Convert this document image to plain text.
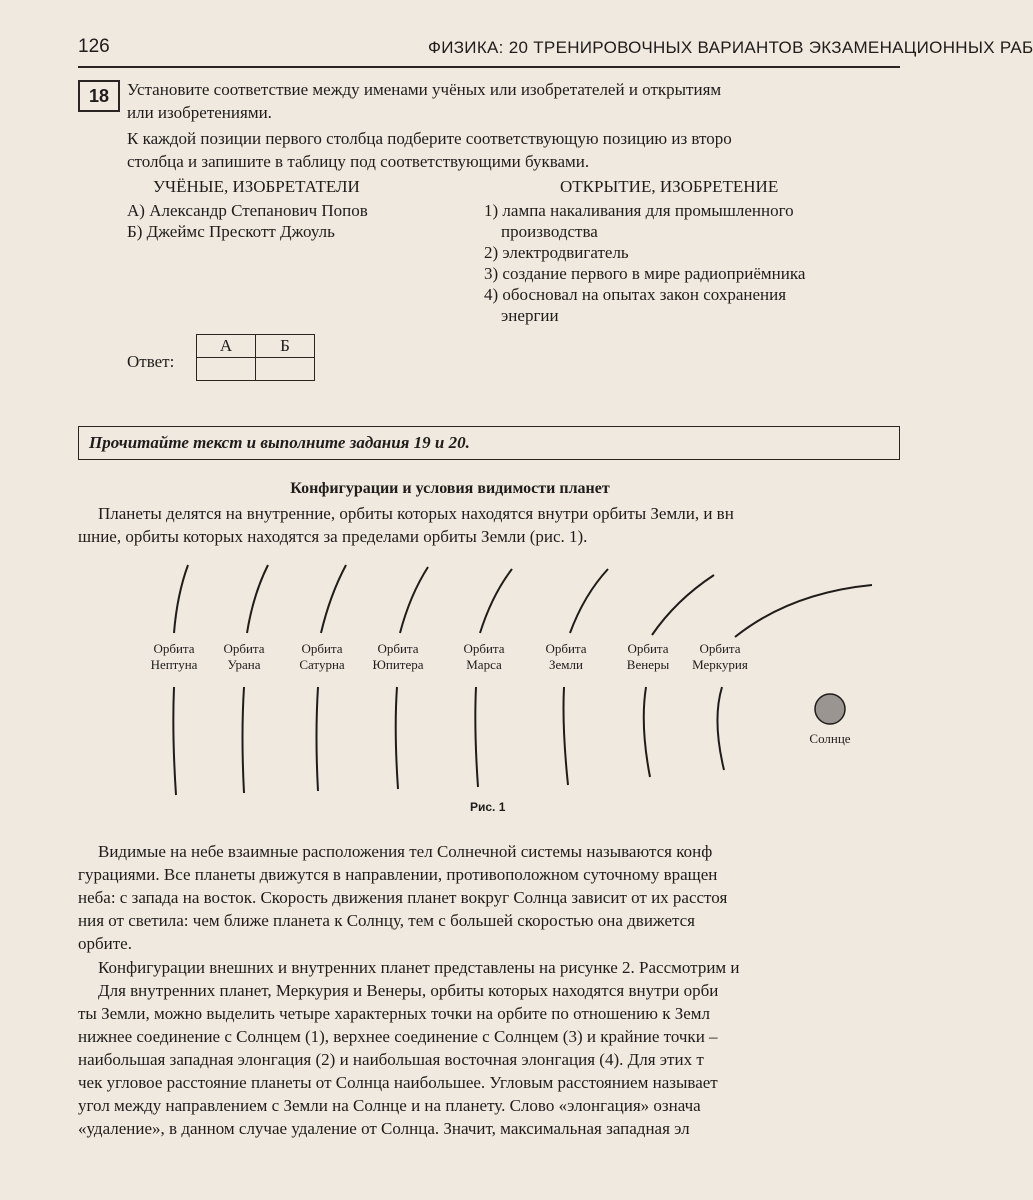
126	ФИЗИКА: 20 ТРЕНИРОВОЧНЫХ ВАРИАНТОВ ЭКЗАМЕНАЦИОННЫХ РАБ
18	Установите соответствие между именами учёных или изобретателей и открытиям
или изобретениями.
К каждой позиции первого столбца подберите соответствующую позицию из второ
столбца и запишите в таблицу под соответствующими буквами.
УЧЁНЫЕ, ИЗОБРЕТАТЕЛИ	ОТКРЫТИЕ, ИЗОБРЕТЕНИЕ
А) Александр Степанович Попов
Б) Джеймс Прескотт Джоуль
1) лампа накаливания для промышленного
производства
2) электродвигатель
3) создание первого в мире радиоприёмника
4) обосновал на опытах закон сохранения
энергии
Ответ:
А	Б

Прочитайте текст и выполните задания 19 и 20.
Конфигурации и условия видимости планет
Планеты делятся на внутренние, орбиты которых находятся внутри орбиты Земли, и вн
шние, орбиты которых находятся за пределами орбиты Земли (рис. 1).
Орбита
Нептуна
Орбита
Урана
Орбита
Сатурна
Орбита
Юпитера
Орбита
Марса
Орбита
Земли
Орбита
Венеры
Орбита
Меркурия
Солнце
Рис. 1
Видимые на небе взаимные расположения тел Солнечной системы называются конф
гурациями. Все планеты движутся в направлении, противоположном суточному вращен
неба: с запада на восток. Скорость движения планет вокруг Солнца зависит от их расстоя
ния от светила: чем ближе планета к Солнцу, тем с большей скоростью она движется
орбите.
Конфигурации внешних и внутренних планет представлены на рисунке 2. Рассмотрим и
Для внутренних планет, Меркурия и Венеры, орбиты которых находятся внутри орби
ты Земли, можно выделить четыре характерных точки на орбите по отношению к Земл
нижнее соединение с Солнцем (1), верхнее соединение с Солнцем (3) и крайние точки –
наибольшая западная элонгация (2) и наибольшая восточная элонгация (4). Для этих т
чек угловое расстояние планеты от Солнца наибольшее. Угловым расстоянием называет
угол между направлением с Земли на Солнце и на планету. Слово «элонгация» означа
«удаление», в данном случае удаление от Солнца. Значит, максимальная западная эл
